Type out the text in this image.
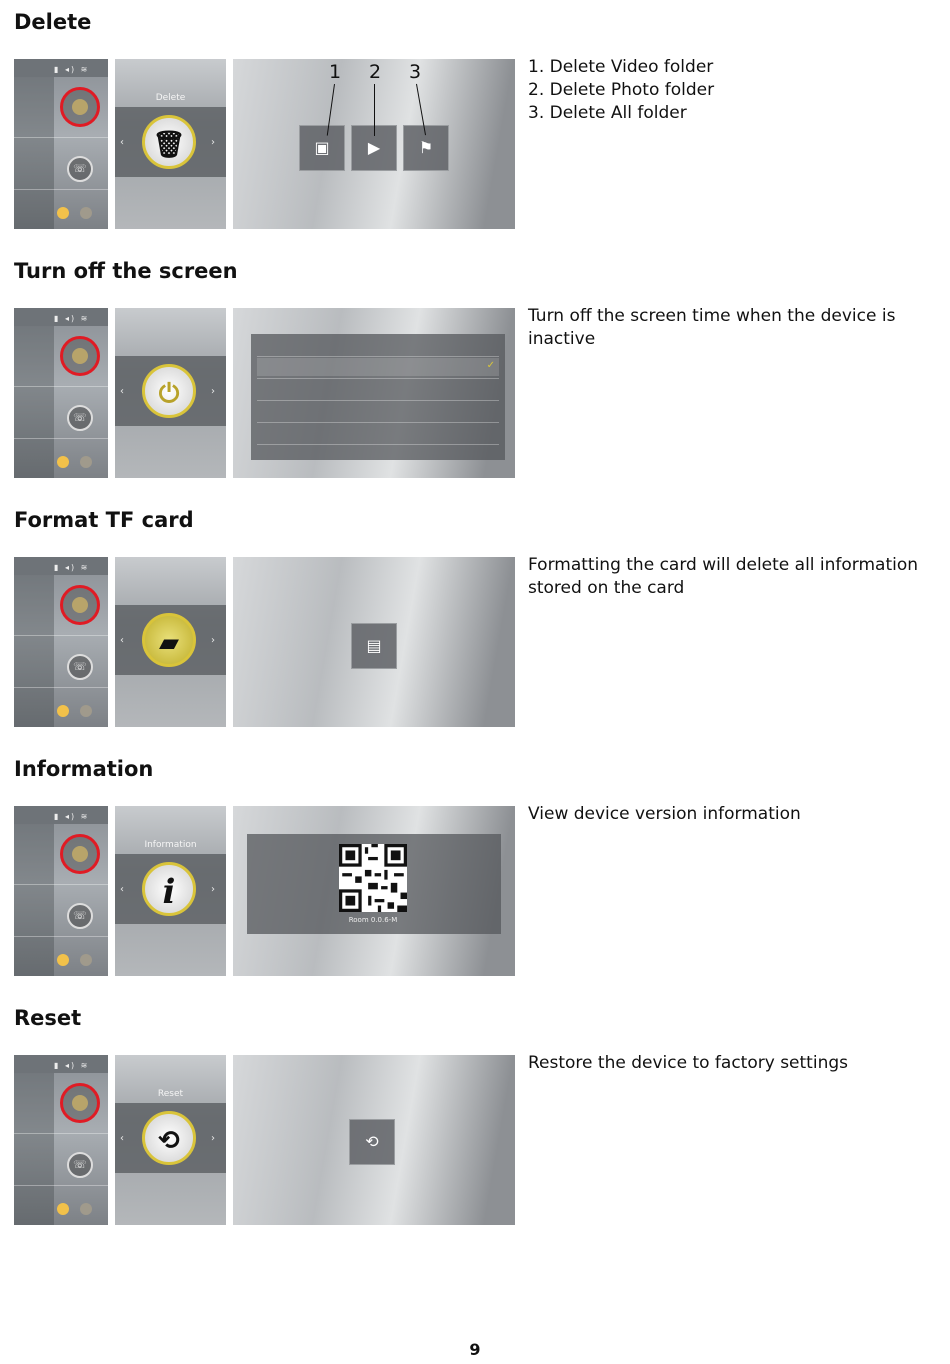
Delete
▮ ◂) ≋
☏
Delete
‹	›
🗑	▣	▶	⚑
1 2 3	1. Delete Video folder
2. Delete Photo folder
3. Delete All folder
Turn off the screen
▮ ◂) ≋
☏
‹	›
⏻
✓
Turn off the screen time when the device is
inactive
Format TF card
▮ ◂) ≋
☏
‹	›
▰	▤
Formatting the card will delete all information
stored on the card
Information
▮ ◂) ≋
☏
Information
‹	›
i
Room 0.0.6-M
View device version information
Reset
▮ ◂) ≋
☏
Reset
‹	›
⟲	⟲
Restore the device to factory settings
9
